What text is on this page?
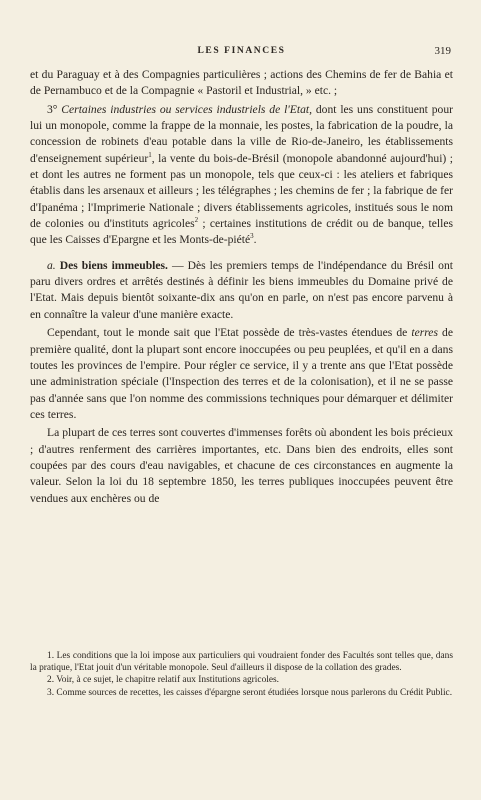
LES FINANCES	319

et du Paraguay et à des Compagnies particulières ; actions des Chemins de fer de Bahia et de Pernambuco et de la Compagnie « Pastoril et Industrial, » etc. ;

3° Certaines industries ou services industriels de l'Etat, dont les uns constituent pour lui un monopole, comme la frappe de la monnaie, les postes, la fabrication de la poudre, la concession de robinets d'eau potable dans la ville de Rio-de-Janeiro, les établissements d'enseignement supérieur$^1$, la vente du bois-de-Brésil (monopole abandonné aujourd'hui) ; et dont les autres ne forment pas un monopole, tels que ceux-ci : les ateliers et fabriques établis dans les arsenaux et ailleurs ; les télégraphes ; les chemins de fer ; la fabrique de fer d'Ipanéma ; l'Imprimerie Nationale ; divers établissements agricoles, institués sous le nom de colonies ou d'instituts agricoles$^2$ ; certaines institutions de crédit ou de banque, telles que les Caisses d'Epargne et les Monts-de-piété$^3$.

a. Des biens immeubles. — Dès les premiers temps de l'indépendance du Brésil ont paru divers ordres et arrêtés destinés à définir les biens immeubles du Domaine privé de l'Etat. Mais depuis bientôt soixante-dix ans qu'on en parle, on n'est pas encore parvenu à en connaître la valeur d'une manière exacte.

Cependant, tout le monde sait que l'Etat possède de très-vastes étendues de terres de première qualité, dont la plupart sont encore inoccupées ou peu peuplées, et qu'il en a dans toutes les provinces de l'empire. Pour régler ce service, il y a trente ans que l'Etat possède une administration spéciale (l'Inspection des terres et de la colonisation), et il ne se passe pas d'année sans que l'on nomme des commissions techniques pour démarquer et délimiter ces terres.

La plupart de ces terres sont couvertes d'immenses forêts où abondent les bois précieux ; d'autres renferment des carrières importantes, etc. Dans bien des endroits, elles sont coupées par des cours d'eau navigables, et chacune de ces circonstances en augmente la valeur. Selon la loi du 18 septembre 1850, les terres publiques inoccupées peuvent être vendues aux enchères ou de

1. Les conditions que la loi impose aux particuliers qui voudraient fonder des Facultés sont telles que, dans la pratique, l'Etat jouit d'un véritable monopole. Seul d'ailleurs il dispose de la collation des grades.

2. Voir, à ce sujet, le chapitre relatif aux Institutions agricoles.

3. Comme sources de recettes, les caisses d'épargne seront étudiées lorsque nous parlerons du Crédit Public.
